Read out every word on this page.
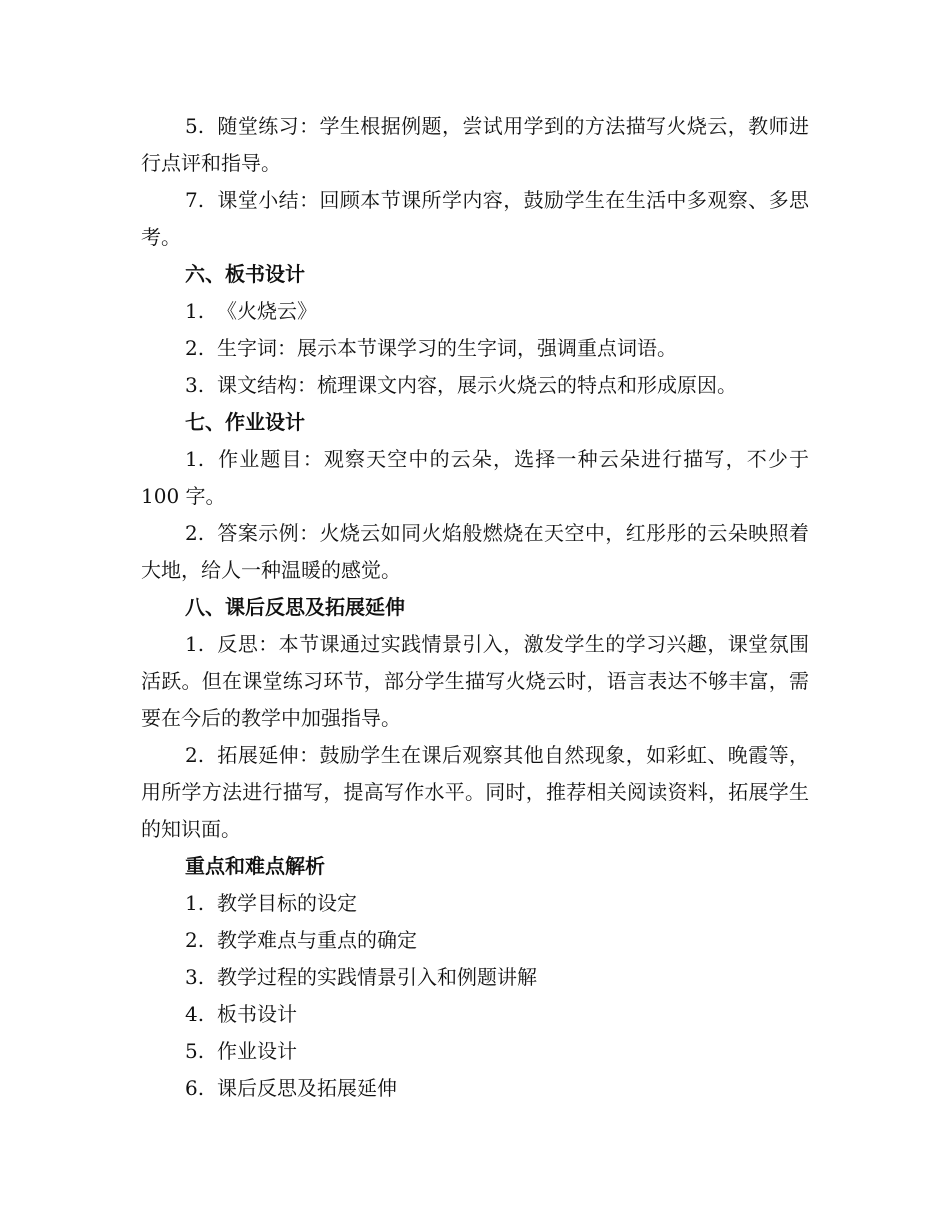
5. 随堂练习：学生根据例题，尝试用学到的方法描写火烧云，教师进行点评和指导。

7. 课堂小结：回顾本节课所学内容，鼓励学生在生活中多观察、多思考。

六、板书设计

1. 《火烧云》

2. 生字词：展示本节课学习的生字词，强调重点词语。

3. 课文结构：梳理课文内容，展示火烧云的特点和形成原因。

七、作业设计

1. 作业题目：观察天空中的云朵，选择一种云朵进行描写，不少于 100 字。

2. 答案示例：火烧云如同火焰般燃烧在天空中，红彤彤的云朵映照着大地，给人一种温暖的感觉。

八、课后反思及拓展延伸

1. 反思：本节课通过实践情景引入，激发学生的学习兴趣，课堂氛围活跃。但在课堂练习环节，部分学生描写火烧云时，语言表达不够丰富，需要在今后的教学中加强指导。

2. 拓展延伸：鼓励学生在课后观察其他自然现象，如彩虹、晚霞等，用所学方法进行描写，提高写作水平。同时，推荐相关阅读资料，拓展学生的知识面。

重点和难点解析

1. 教学目标的设定

2. 教学难点与重点的确定

3. 教学过程的实践情景引入和例题讲解

4. 板书设计

5. 作业设计

6. 课后反思及拓展延伸
